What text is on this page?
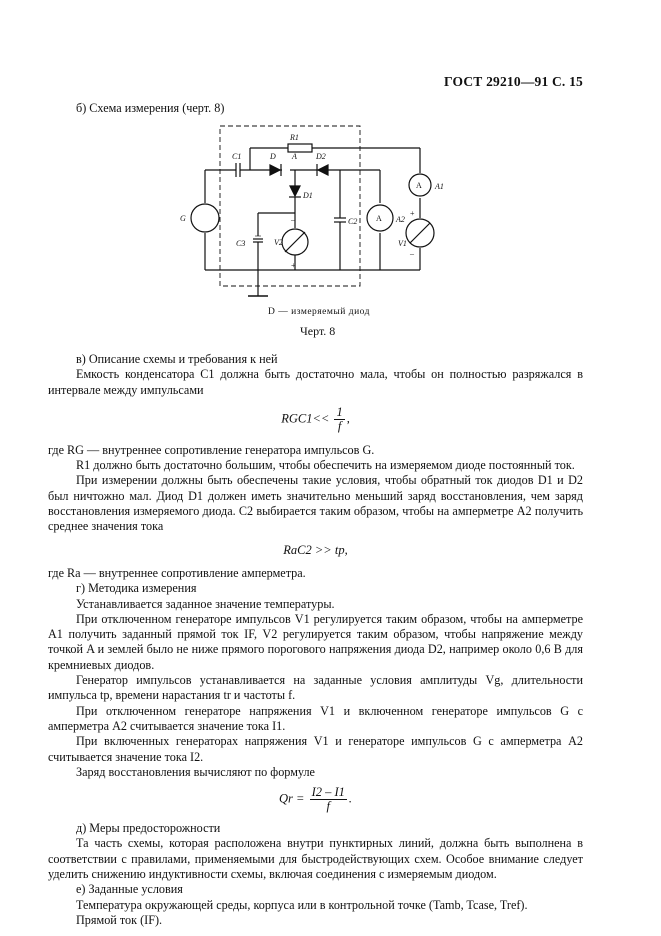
ГОСТ 29210—91 С. 15

б) Схема измерения (черт. 8)

R1
C1	D A D2
D1
G
C3	V2
C2 A A2
A A1
V1
–
+
+
–
D — измеряемый диод
Черт. 8

в) Описание схемы и требования к ней

Емкость конденсатора C1 должна быть достаточно мала, чтобы он полностью разряжался в интервале между импульсами

$RGC1<< \frac{1}{f}$ ,

где RG — внутреннее сопротивление генератора импульсов G.

R1 должно быть достаточно большим, чтобы обеспечить на измеряемом диоде постоянный ток.

При измерении должны быть обеспечены такие условия, чтобы обратный ток диодов D1 и D2 был ничтожно мал. Диод D1 должен иметь значительно меньший заряд восстановления, чем заряд восстановления измеряемого диода. C2 выбирается таким образом, чтобы на амперметре A2 получить среднее значения тока

RaC2 >> tp,

где Ra — внутреннее сопротивление амперметра.

г) Методика измерения

Устанавливается заданное значение температуры.

При отключенном генераторе импульсов V1 регулируется таким образом, чтобы на амперметре A1 получить заданный прямой ток IF, V2 регулируется таким образом, чтобы напряжение между точкой A и землей было не ниже прямого порогового напряжения диода D2, например около 0,6 В для кремниевых диодов.

Генератор импульсов устанавливается на заданные условия амплитуды Vg, длительности импульса tp, времени нарастания tr и частоты f.

При отключенном генераторе напряжения V1 и включенном генераторе импульсов G с амперметра A2 считывается значение тока I1.

При включенных генераторах напряжения V1 и генераторе импульсов G с амперметра A2 считывается значение тока I2.

Заряд восстановления вычисляют по формуле

$Qr = \frac{I2 - I1}{f}$ .

д) Меры предосторожности

Та часть схемы, которая расположена внутри пунктирных линий, должна быть выполнена в соответствии с правилами, применяемыми для быстродействующих схем. Особое внимание следует уделить снижению индуктивности схемы, включая соединения с измеряемым диодом.

е) Заданные условия

Температура окружающей среды, корпуса или в контрольной точке (Tamb, Tcase, Tref).

Прямой ток (IF).
